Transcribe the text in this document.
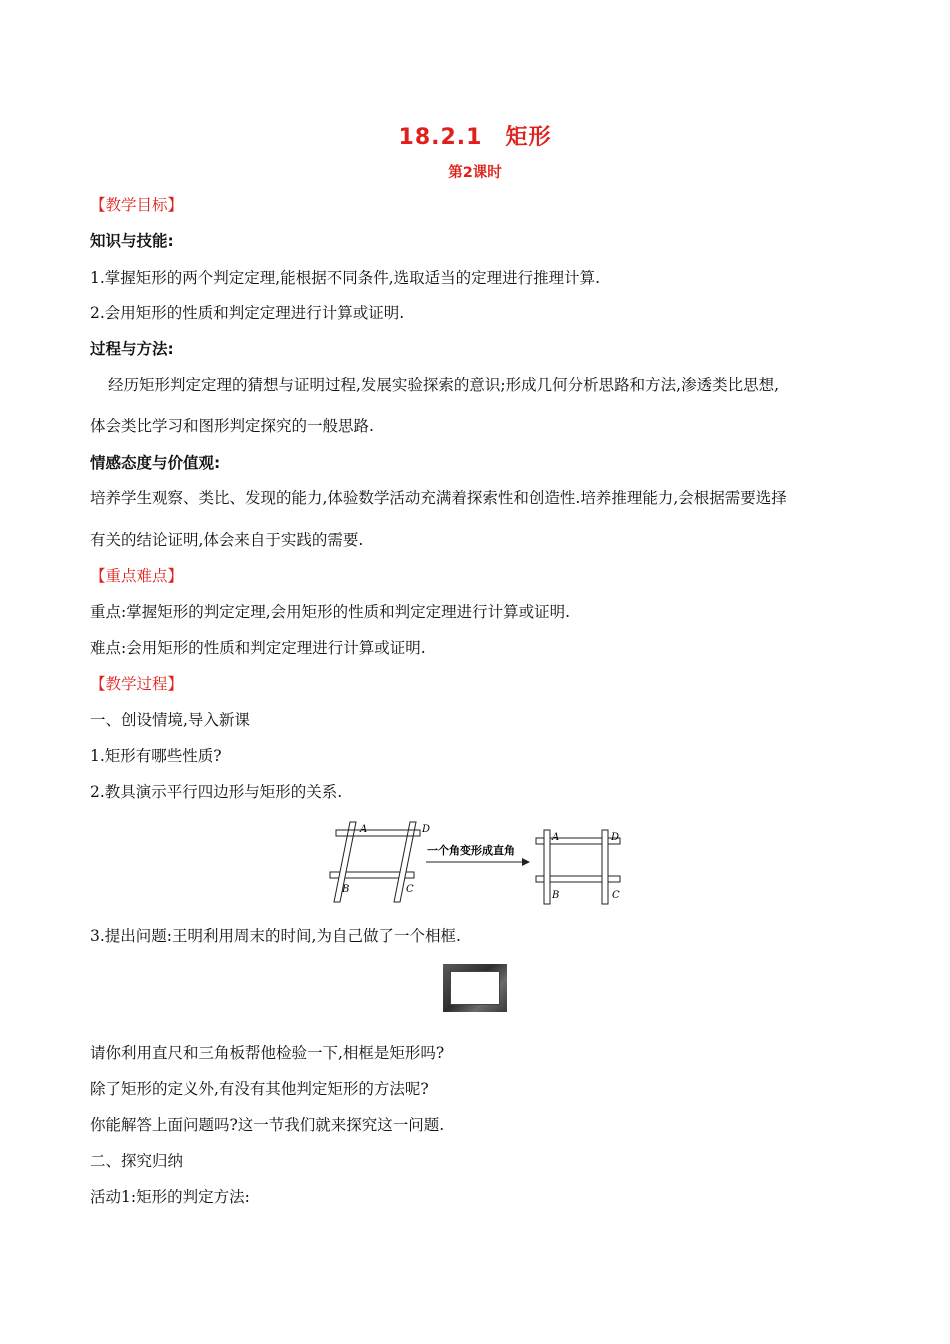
18.2.1　矩形
第2课时
【教学目标】
知识与技能:
1.掌握矩形的两个判定定理,能根据不同条件,选取适当的定理进行推理计算.
2.会用矩形的性质和判定定理进行计算或证明.
过程与方法:
经历矩形判定定理的猜想与证明过程,发展实验探索的意识;形成几何分析思路和方法,渗透类比思想,
体会类比学习和图形判定探究的一般思路.
情感态度与价值观:
培养学生观察、类比、发现的能力,体验数学活动充满着探索性和创造性.培养推理能力,会根据需要选择
有关的结论证明,体会来自于实践的需要.
【重点难点】
重点:掌握矩形的判定定理,会用矩形的性质和判定定理进行计算或证明.
难点:会用矩形的性质和判定定理进行计算或证明.
【教学过程】
一、创设情境,导入新课
1.矩形有哪些性质?
2.教具演示平行四边形与矩形的关系.
A	D
B	C
一个角变形成直角
A	D
B	C
3.提出问题:王明利用周末的时间,为自己做了一个相框.
请你利用直尺和三角板帮他检验一下,相框是矩形吗?
除了矩形的定义外,有没有其他判定矩形的方法呢?
你能解答上面问题吗?这一节我们就来探究这一问题.
二、探究归纳
活动1:矩形的判定方法:
